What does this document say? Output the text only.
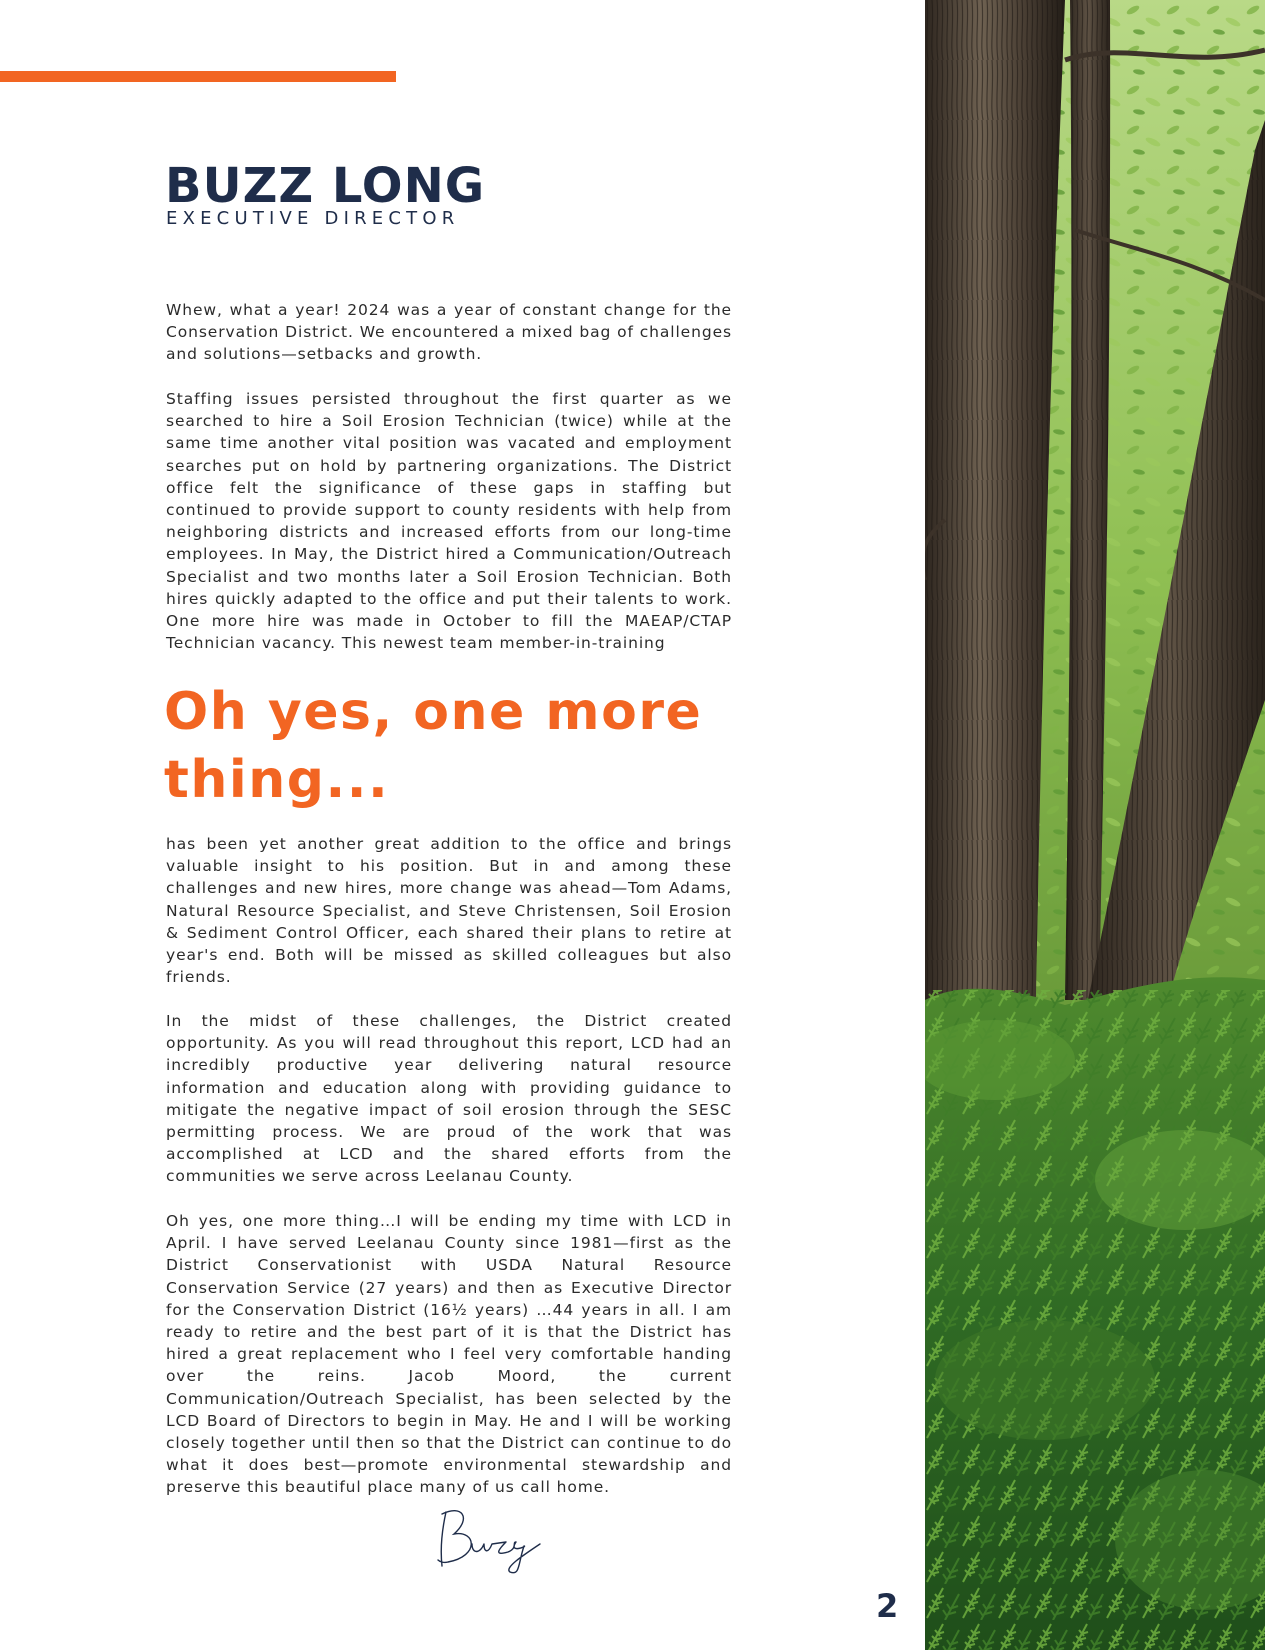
BUZZ LONG

EXECUTIVE DIRECTOR

Whew, what a year! 2024 was a year of constant change for the Conservation District. We encountered a mixed bag of challenges and solutions—setbacks and growth.

Staffing issues persisted throughout the first quarter as we searched to hire a Soil Erosion Technician (twice) while at the same time another vital position was vacated and employment searches put on hold by partnering organizations. The District office felt the significance of these gaps in staffing but continued to provide support to county residents with help from neighboring districts and increased efforts from our long-time employees. In May, the District hired a Communication/Outreach Specialist and two months later a Soil Erosion Technician. Both hires quickly adapted to the office and put their talents to work. One more hire was made in October to fill the MAEAP/CTAP Technician vacancy. This newest team member-in-training

Oh yes, one more thing...

has been yet another great addition to the office and brings valuable insight to his position. But in and among these challenges and new hires, more change was ahead—Tom Adams, Natural Resource Specialist, and Steve Christensen, Soil Erosion & Sediment Control Officer, each shared their plans to retire at year's end. Both will be missed as skilled colleagues but also friends.

In the midst of these challenges, the District created opportunity. As you will read throughout this report, LCD had an incredibly productive year delivering natural resource information and education along with providing guidance to mitigate the negative impact of soil erosion through the SESC permitting process. We are proud of the work that was accomplished at LCD and the shared efforts from the communities we serve across Leelanau County.

Oh yes, one more thing…I will be ending my time with LCD in April. I have served Leelanau County since 1981—first as the District Conservationist with USDA Natural Resource Conservation Service (27 years) and then as Executive Director for the Conservation District (16½ years) …44 years in all. I am ready to retire and the best part of it is that the District has hired a great replacement who I feel very comfortable handing over the reins. Jacob Moord, the current Communication/Outreach Specialist, has been selected by the LCD Board of Directors to begin in May. He and I will be working closely together until then so that the District can continue to do what it does best—promote environmental stewardship and preserve this beautiful place many of us call home.

2
